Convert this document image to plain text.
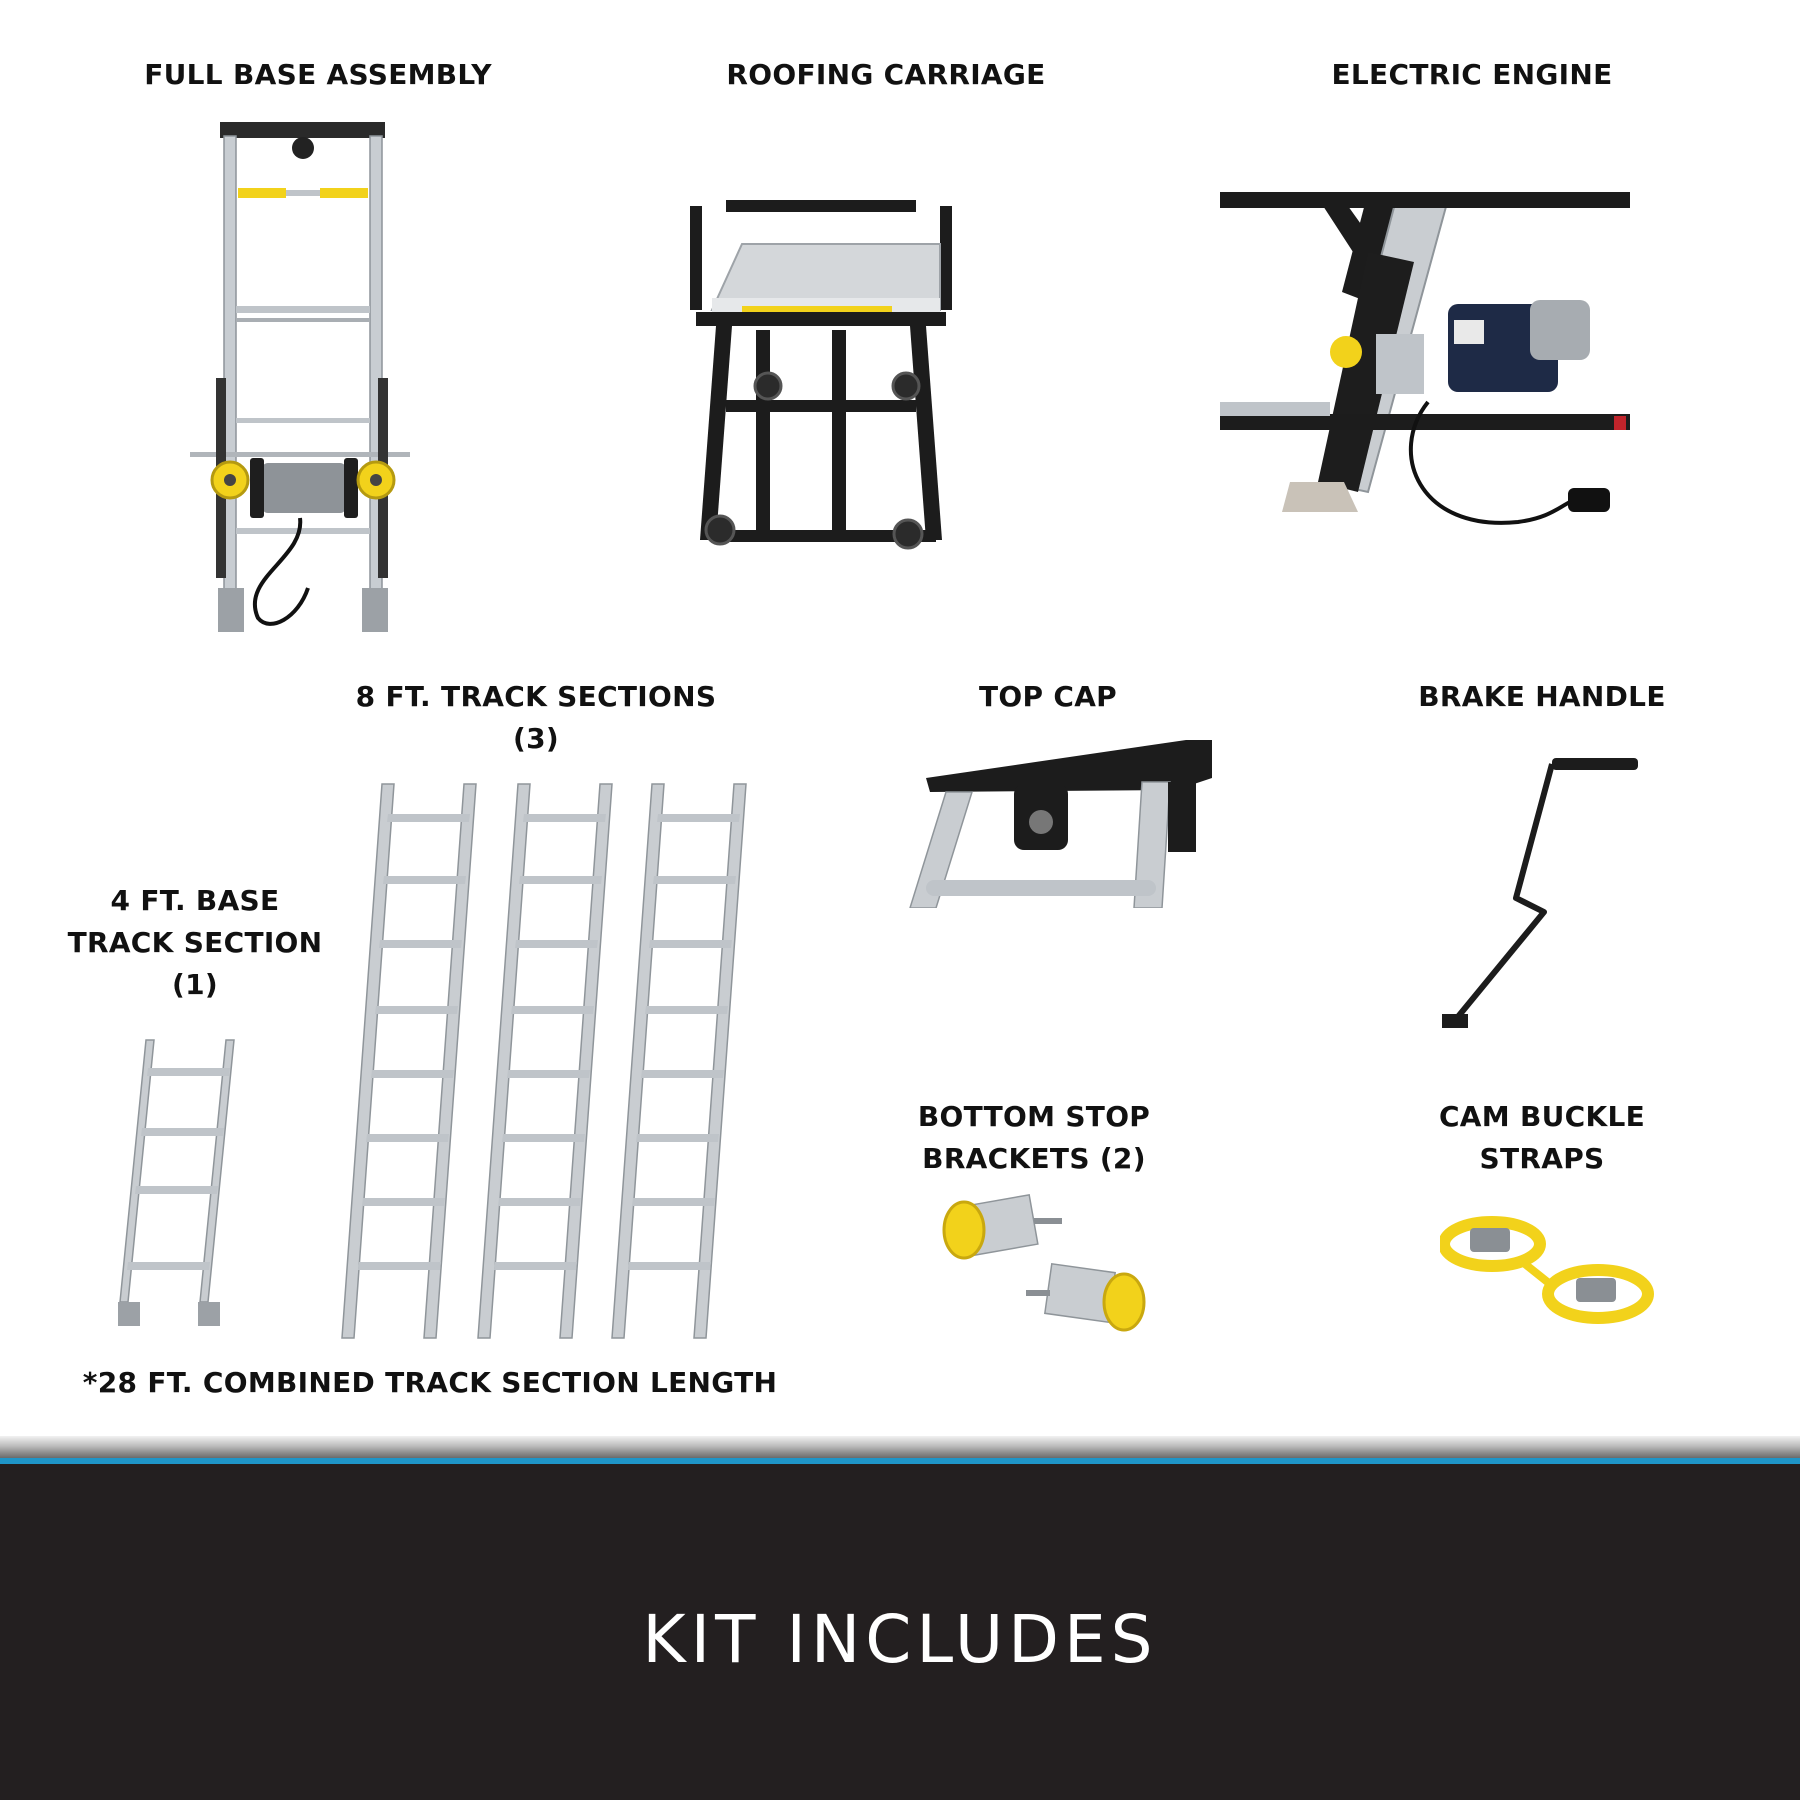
FULL BASE ASSEMBLY	ROOFING CARRIAGE	ELECTRIC ENGINE
8 FT. TRACK SECTIONS
(3)
TOP CAP	BRAKE HANDLE
4 FT. BASE
TRACK SECTION
(1)
BOTTOM STOP
BRACKETS (2)
CAM BUCKLE
STRAPS
*28 FT. COMBINED TRACK SECTION LENGTH
KIT INCLUDES
